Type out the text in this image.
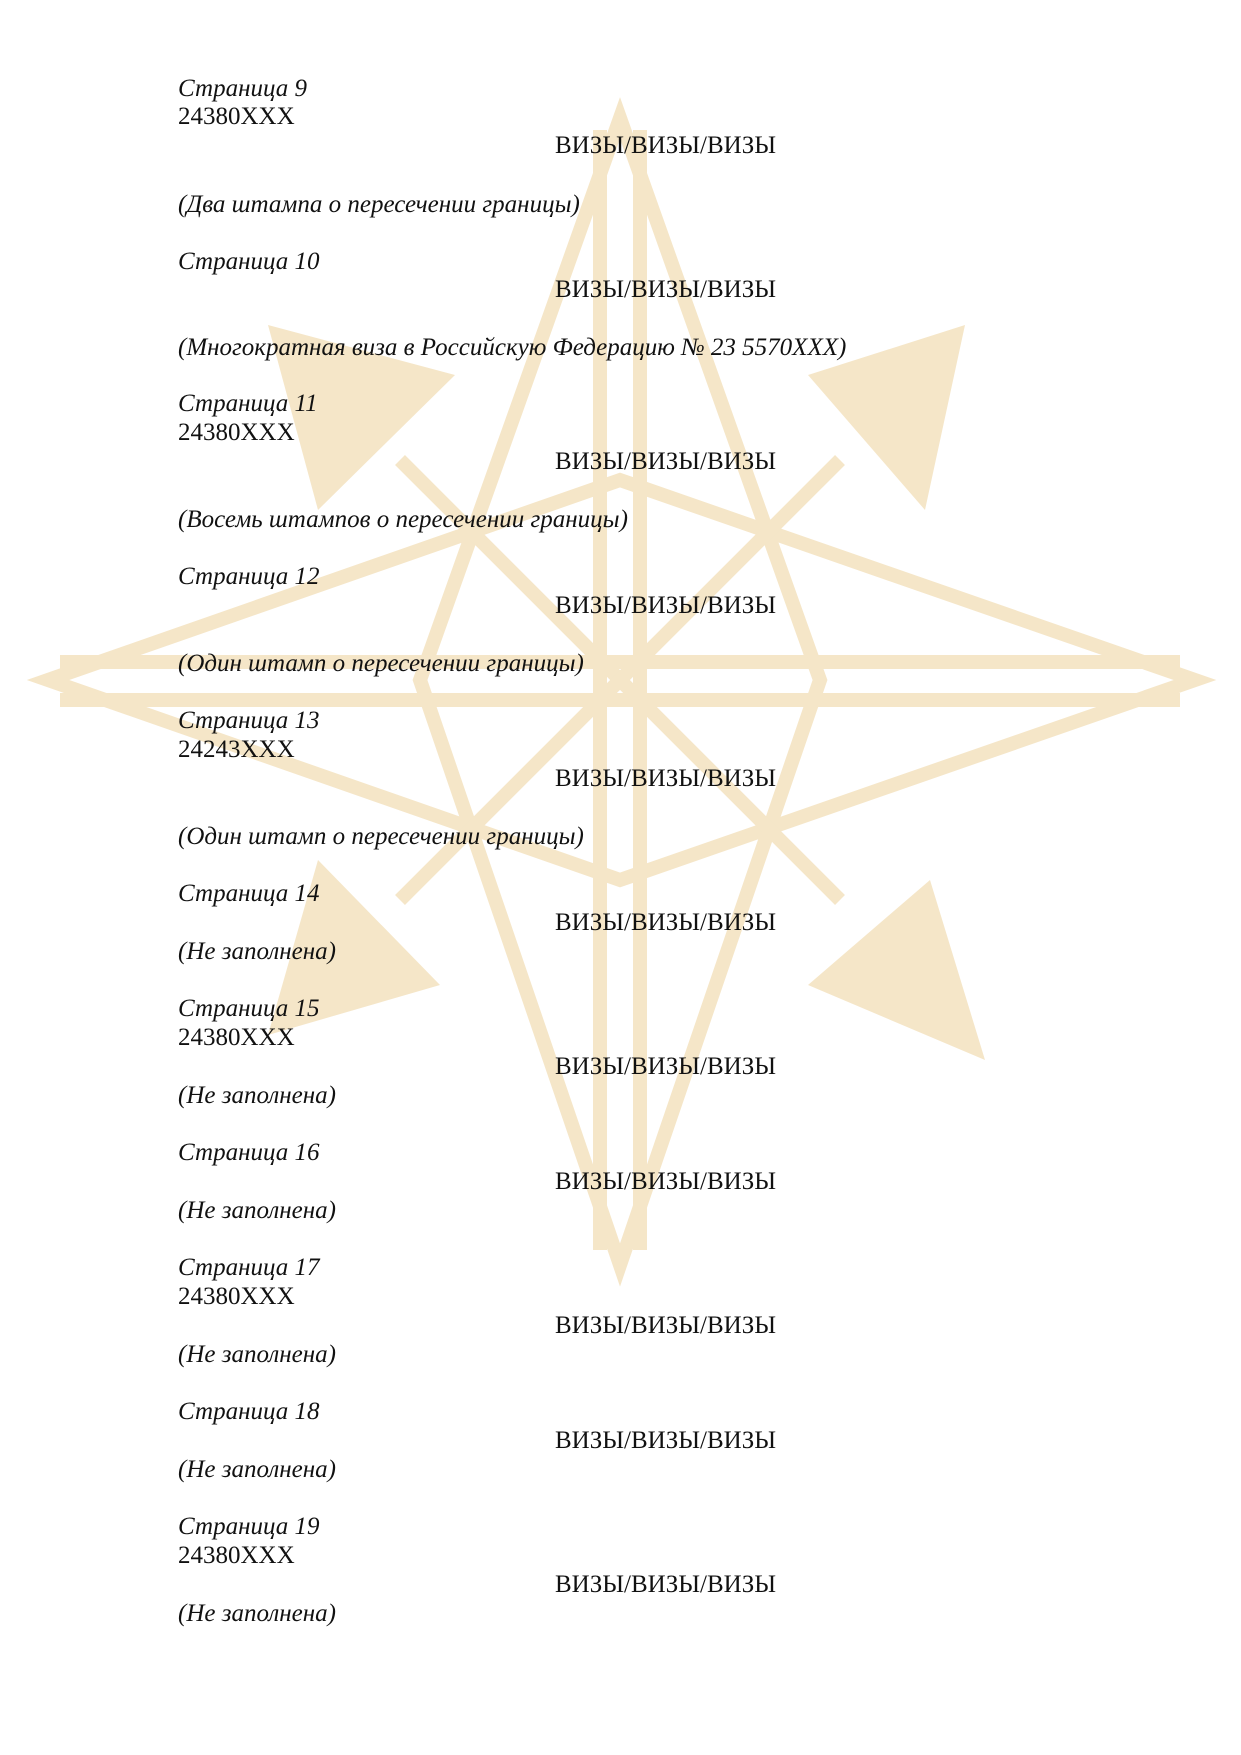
Страница 9
24380XXX
ВИЗЫ/ВИЗЫ/ВИЗЫ
(Два штампа о пересечении границы)
Страница 10
ВИЗЫ/ВИЗЫ/ВИЗЫ
(Многократная виза в Российскую Федерацию № 23 5570XXX)
Страница 11
24380XXX
ВИЗЫ/ВИЗЫ/ВИЗЫ
(Восемь штампов о пересечении границы)
Страница 12
ВИЗЫ/ВИЗЫ/ВИЗЫ
(Один штамп о пересечении границы)
Страница 13
24243XXX
ВИЗЫ/ВИЗЫ/ВИЗЫ
(Один штамп о пересечении границы)
Страница 14
ВИЗЫ/ВИЗЫ/ВИЗЫ
(Не заполнена)
Страница 15
24380XXX
ВИЗЫ/ВИЗЫ/ВИЗЫ
(Не заполнена)
Страница 16
ВИЗЫ/ВИЗЫ/ВИЗЫ
(Не заполнена)
Страница 17
24380XXX
ВИЗЫ/ВИЗЫ/ВИЗЫ
(Не заполнена)
Страница 18
ВИЗЫ/ВИЗЫ/ВИЗЫ
(Не заполнена)
Страница 19
24380XXX
ВИЗЫ/ВИЗЫ/ВИЗЫ
(Не заполнена)
